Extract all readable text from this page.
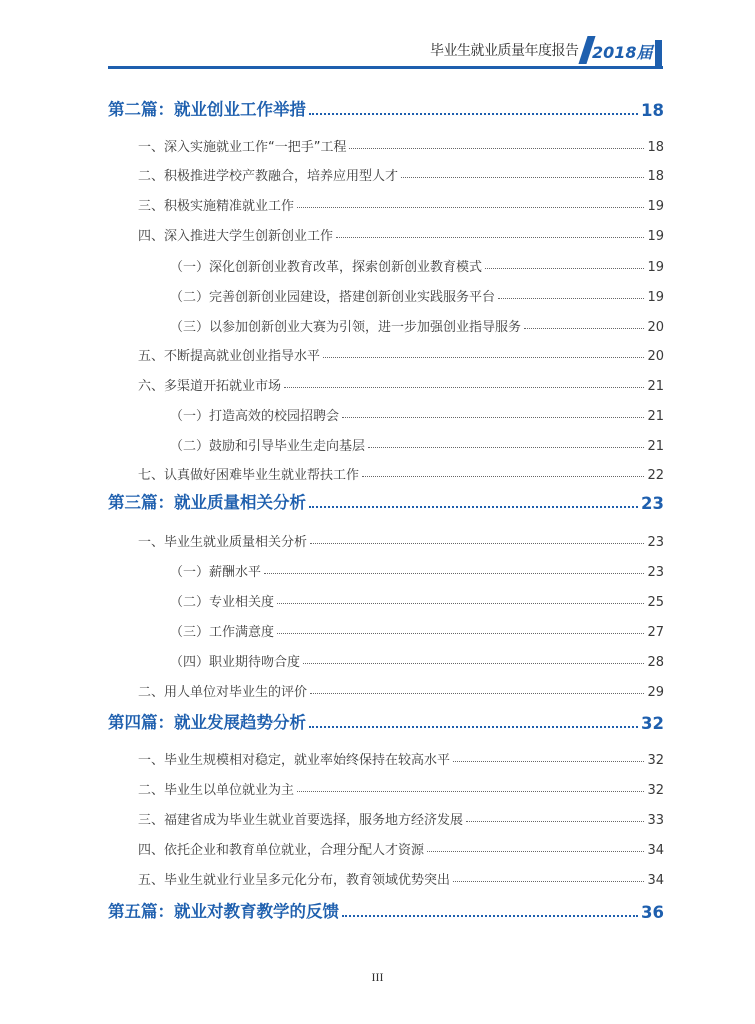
毕业生就业质量年度报告 2018届
第二篇：就业创业工作举措	18
一、深入实施就业工作“一把手”工程	18
二、积极推进学校产教融合，培养应用型人才	18
三、积极实施精准就业工作	19
四、深入推进大学生创新创业工作	19
（一）深化创新创业教育改革，探索创新创业教育模式	19
（二）完善创新创业园建设，搭建创新创业实践服务平台	19
（三）以参加创新创业大赛为引领，进一步加强创业指导服务	20
五、不断提高就业创业指导水平	20
六、多渠道开拓就业市场	21
（一）打造高效的校园招聘会	21
（二）鼓励和引导毕业生走向基层	21
七、认真做好困难毕业生就业帮扶工作	22
第三篇：就业质量相关分析	23
一、毕业生就业质量相关分析	23
（一）薪酬水平	23
（二）专业相关度	25
（三）工作满意度	27
（四）职业期待吻合度	28
二、用人单位对毕业生的评价	29
第四篇：就业发展趋势分析	32
一、毕业生规模相对稳定，就业率始终保持在较高水平	32
二、毕业生以单位就业为主	32
三、福建省成为毕业生就业首要选择，服务地方经济发展	33
四、依托企业和教育单位就业，合理分配人才资源	34
五、毕业生就业行业呈多元化分布，教育领域优势突出	34
第五篇：就业对教育教学的反馈	36
III
